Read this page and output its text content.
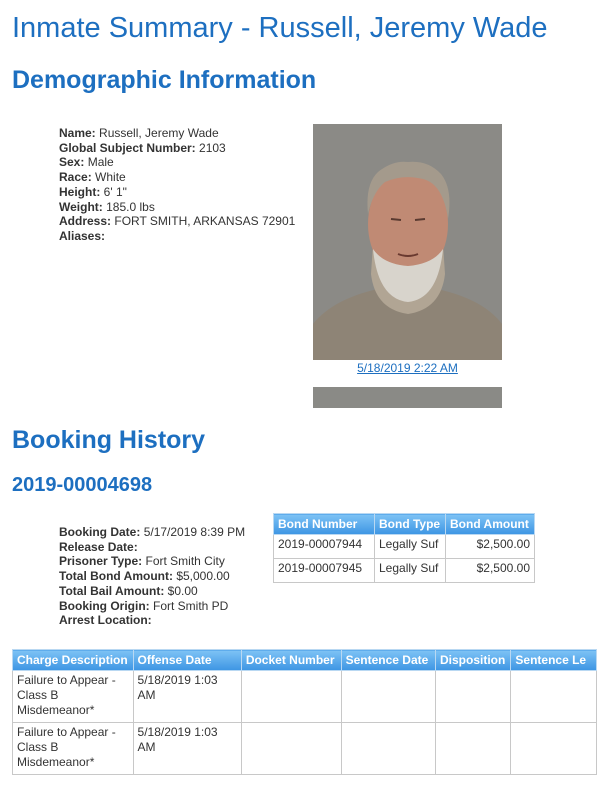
Inmate Summary - Russell, Jeremy Wade
Demographic Information
Name: Russell, Jeremy Wade
Global Subject Number: 2103
Sex: Male
Race: White
Height: 6' 1"
Weight: 185.0 lbs
Address: FORT SMITH, ARKANSAS 72901
Aliases:
5/18/2019 2:22 AM
Booking History
2019-00004698
Booking Date: 5/17/2019 8:39 PM
Release Date:
Prisoner Type: Fort Smith City
Total Bond Amount: $5,000.00
Total Bail Amount: $0.00
Booking Origin: Fort Smith PD
Arrest Location:
Bond Number	Bond Type	Bond Amount
2019-00007944	Legally Suf	$2,500.00
2019-00007945	Legally Suf	$2,500.00
Charge Description	Offense Date	Docket Number	Sentence Date	Disposition	Sentence Le
Failure to Appear - Class B Misdemeanor*	5/18/2019 1:03 AM				
Failure to Appear - Class B Misdemeanor*	5/18/2019 1:03 AM				
